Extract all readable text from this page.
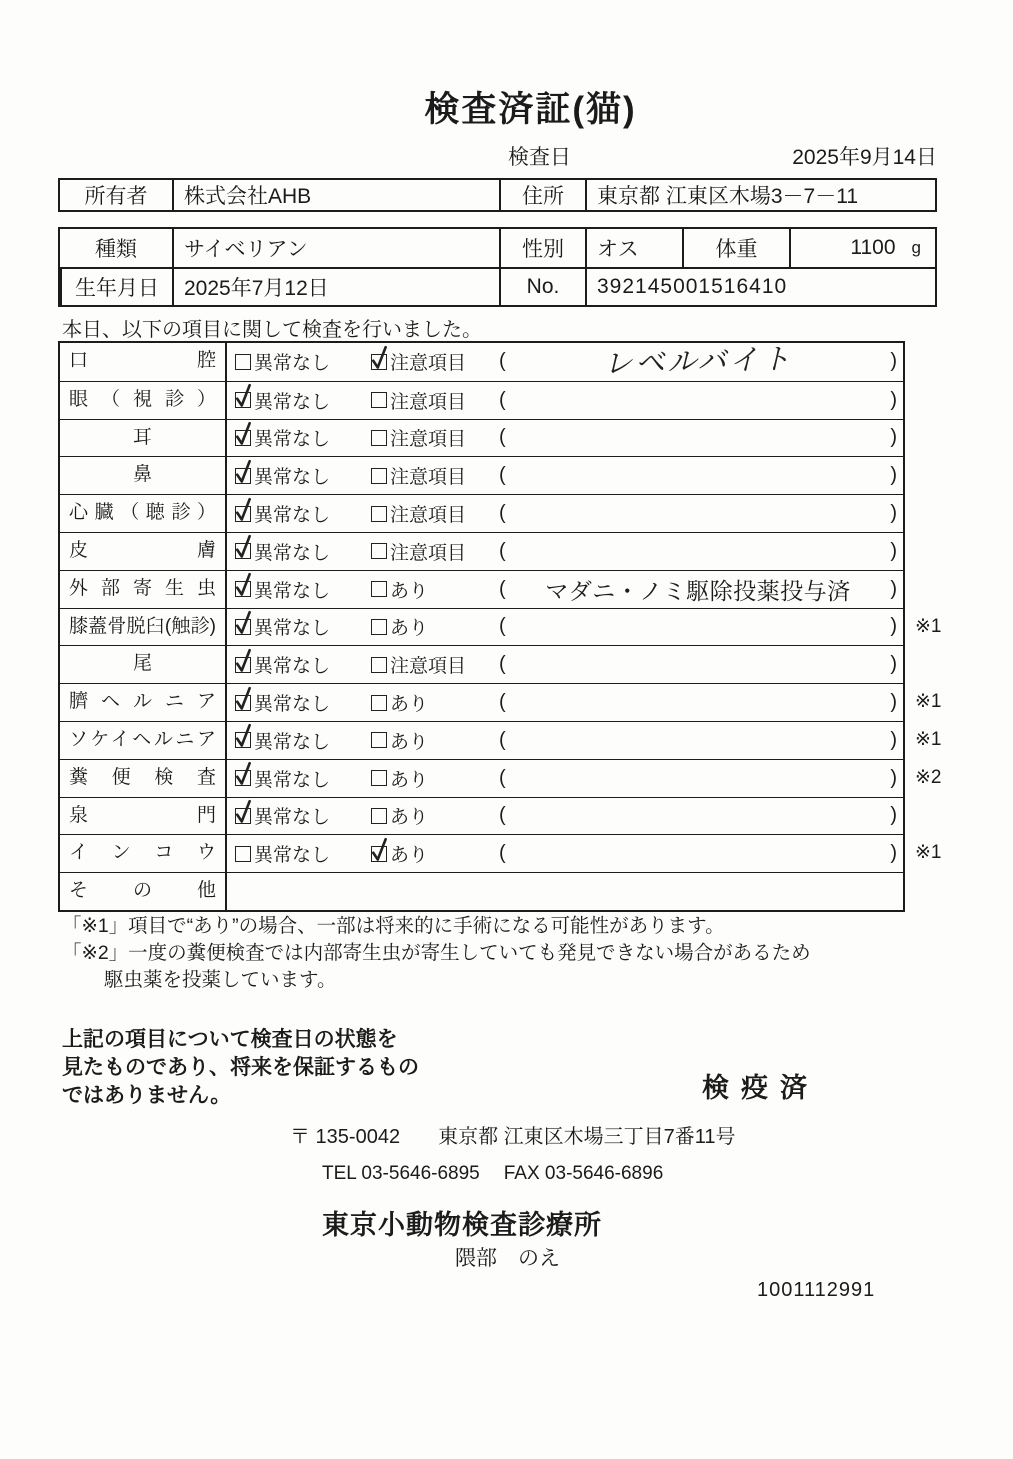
検査済証(猫)
検査日	2025年9月14日
所有者	株式会社AHB	住所	東京都 江東区木場3－7－11
種類	サイベリアン	性別	オス	体重	1100 g
生年月日	2025年7月12日	No.	392145001516410
本日、以下の項目に関して検査を行いました。
口腔	異常なし	注意項目 (	レベルバイト	)
眼（視診）	異常なし	注意項目 (	)
耳	異常なし	注意項目 (	)
鼻	異常なし	注意項目 (	)
心臓（聴診）	異常なし	注意項目 (	)
皮膚	異常なし	注意項目 (	)
外部寄生虫	異常なし	あり	(	マダニ・ノミ駆除投薬投与済	)
膝蓋骨脱臼(触診)	異常なし	あり	(	) ※1
尾	異常なし	注意項目 (	)
臍ヘルニア	異常なし	あり	(	) ※1
ソケイヘルニア	異常なし	あり	(	) ※1
糞便検査	異常なし	あり	(	) ※2
泉門	異常なし	あり	(	)
インコウ	異常なし	あり	(	) ※1
その他
「※1」項目で“あり”の場合、一部は将来的に手術になる可能性があります。
「※2」一度の糞便検査では内部寄生虫が寄生していても発見できない場合があるため
駆虫薬を投薬しています。
上記の項目について検査日の状態を
見たものであり、将来を保証するもの
ではありません。	検疫済
〒 135-0042 東京都 江東区木場三丁目7番11号
TEL 03-5646-6895 FAX 03-5646-6896
東京小動物検査診療所
隈部　のえ
1001112991
